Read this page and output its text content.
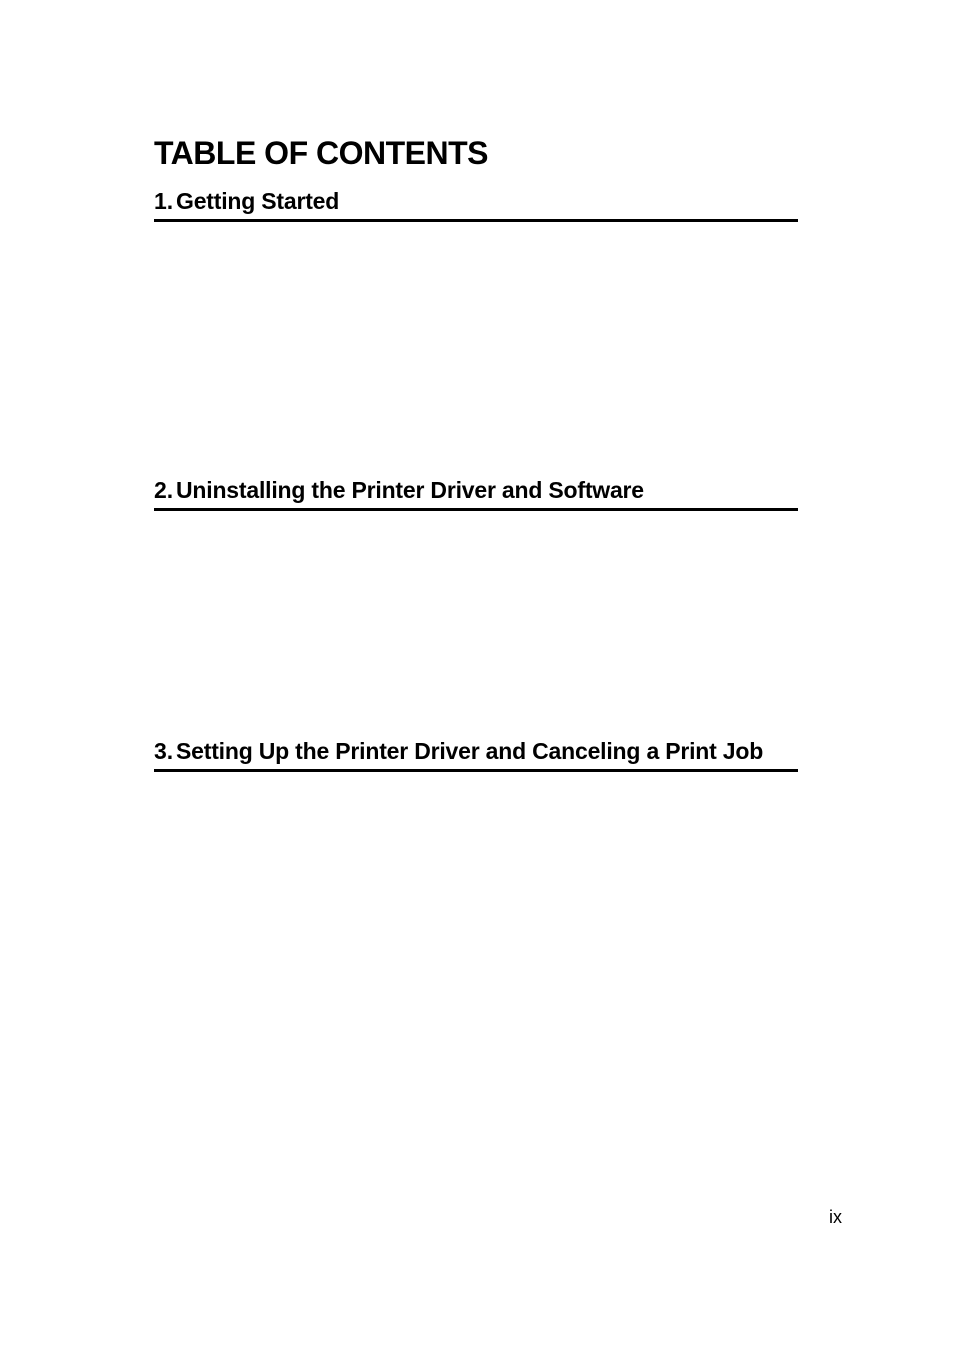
TABLE OF CONTENTS
1. Getting Started
2. Uninstalling the Printer Driver and Software
3. Setting Up the Printer Driver and Canceling a Print Job
ix
